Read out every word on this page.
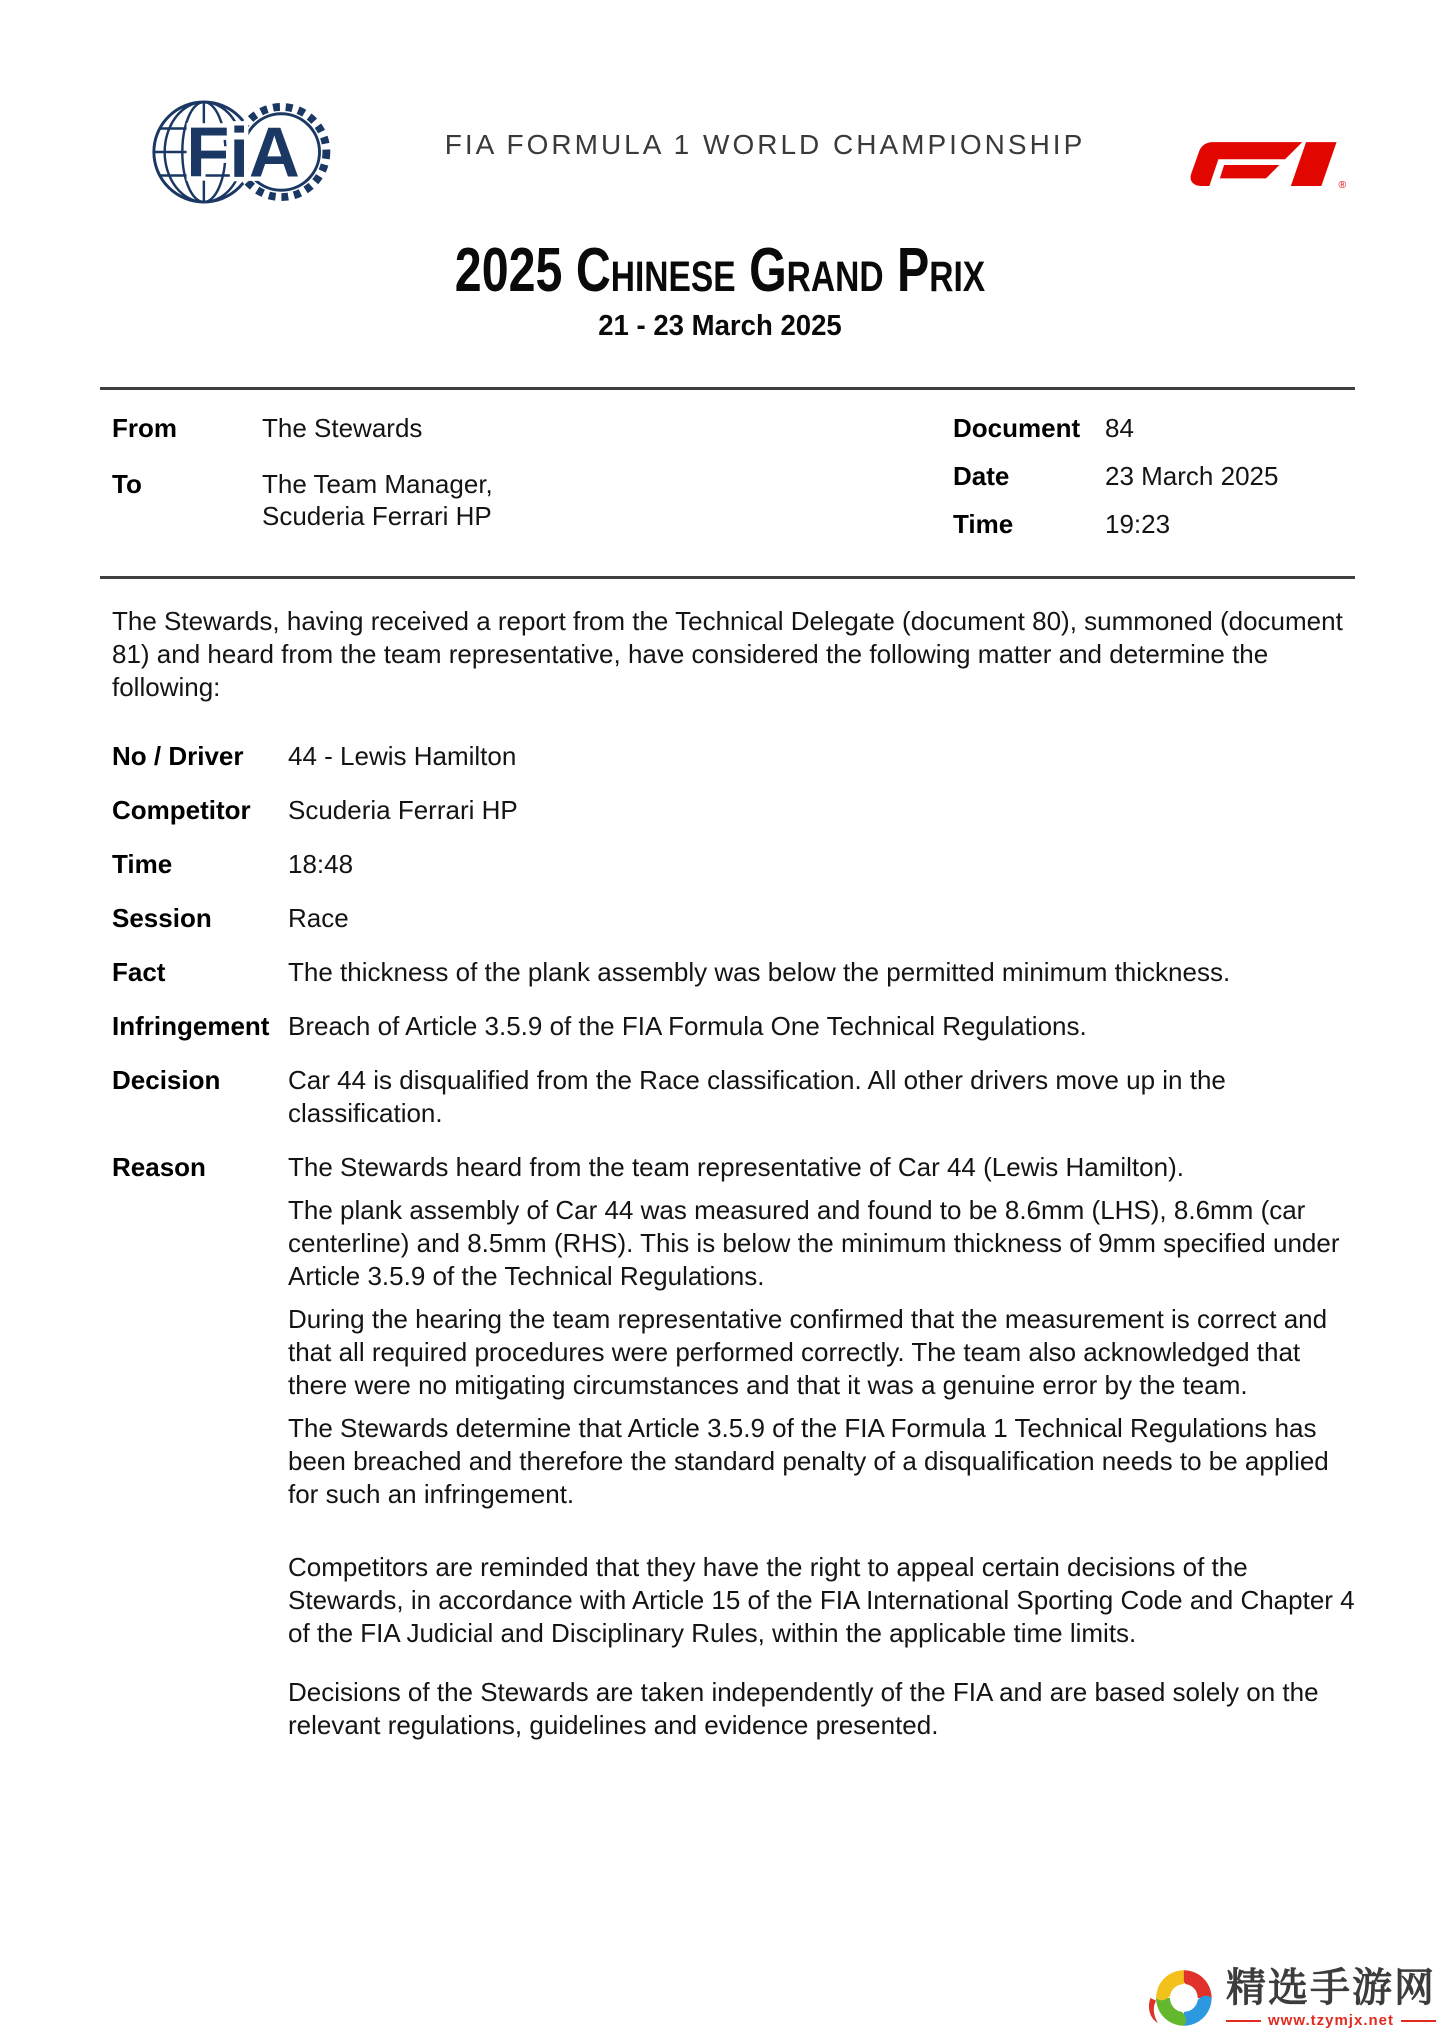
FiA	FIA FORMULA 1 WORLD CHAMPIONSHIP
®
2025 Chinese Grand Prix
21 - 23 March 2025
From	The Stewards
To	The Team Manager,
Scuderia Ferrari HP
Document 84
Date	23 March 2025
Time	19:23

The Stewards, having received a report from the Technical Delegate (document 80), summoned (document 81) and heard from the team representative, have considered the following matter and determine the following:

No / Driver	44 - Lewis Hamilton
Competitor	Scuderia Ferrari HP
Time	18:48
Session	Race
Fact	The thickness of the plank assembly was below the permitted minimum thickness.
Infringement Breach of Article 3.5.9 of the FIA Formula One Technical Regulations.
Decision	Car 44 is disqualified from the Race classification. All other drivers move up in the classification.
Reason	The Stewards heard from the team representative of Car 44 (Lewis Hamilton).

The plank assembly of Car 44 was measured and found to be 8.6mm (LHS), 8.6mm (car centerline) and 8.5mm (RHS). This is below the minimum thickness of 9mm specified under Article 3.5.9 of the Technical Regulations.

During the hearing the team representative confirmed that the measurement is correct and that all required procedures were performed correctly. The team also acknowledged that there were no mitigating circumstances and that it was a genuine error by the team.

The Stewards determine that Article 3.5.9 of the FIA Formula 1 Technical Regulations has been breached and therefore the standard penalty of a disqualification needs to be applied for such an infringement.

Competitors are reminded that they have the right to appeal certain decisions of the Stewards, in accordance with Article 15 of the FIA International Sporting Code and Chapter 4 of the FIA Judicial and Disciplinary Rules, within the applicable time limits.

Decisions of the Stewards are taken independently of the FIA and are based solely on the relevant regulations, guidelines and evidence presented.

精选手游网
www.tzymjx.net
